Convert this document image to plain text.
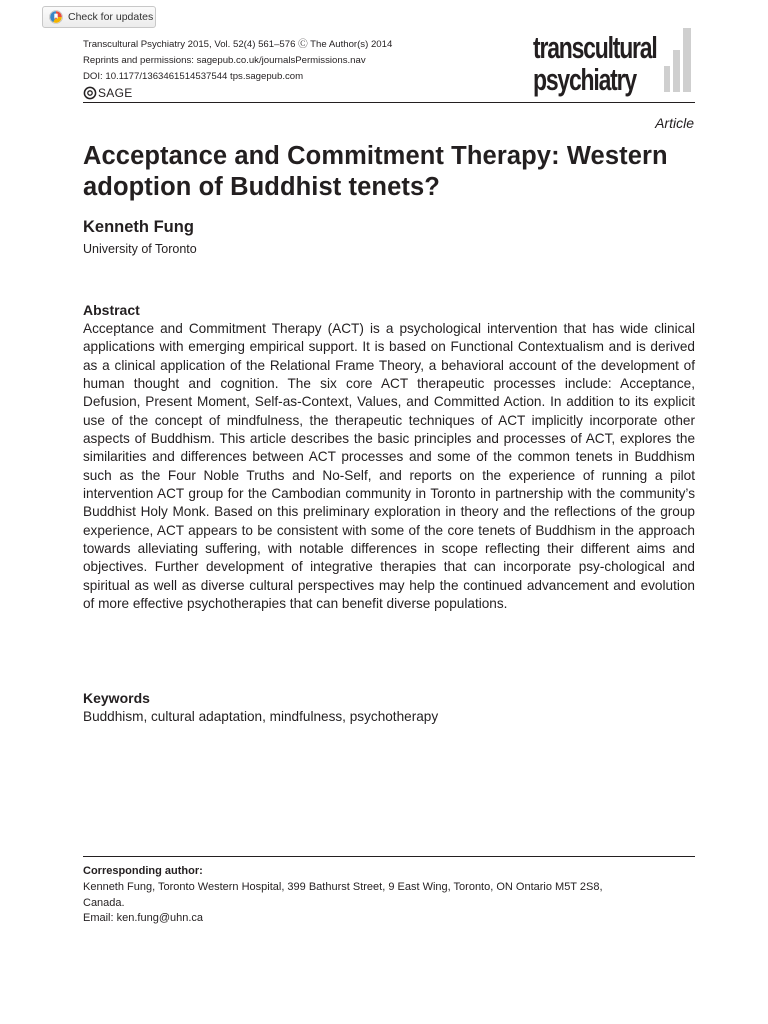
Check for updates
Transcultural Psychiatry 2015, Vol. 52(4) 561–576 Ⓒ The Author(s) 2014
Reprints and permissions: sagepub.co.uk/journalsPermissions.nav
DOI: 10.1177/1363461514537544 tps.sagepub.com
SAGE
transcultural
psychiatry
Article
Acceptance and Commitment Therapy: Western adoption of Buddhist tenets?
Kenneth Fung
University of Toronto
Abstract

Acceptance and Commitment Therapy (ACT) is a psychological intervention that has wide clinical applications with emerging empirical support. It is based on Functional Contextualism and is derived as a clinical application of the Relational Frame Theory, a behavioral account of the development of human thought and cognition. The six core ACT therapeutic processes include: Acceptance, Defusion, Present Moment, Self-as-Context, Values, and Committed Action. In addition to its explicit use of the concept of mindfulness, the therapeutic techniques of ACT implicitly incorporate other aspects of Buddhism. This article describes the basic principles and processes of ACT, explores the similarities and differences between ACT processes and some of the common tenets in Buddhism such as the Four Noble Truths and No-Self, and reports on the experience of running a pilot intervention ACT group for the Cambodian community in Toronto in partnership with the community’s Buddhist Holy Monk. Based on this preliminary exploration in theory and the reflections of the group experience, ACT appears to be consistent with some of the core tenets of Buddhism in the approach towards alleviating suffering, with notable differences in scope reflecting their different aims and objectives. Further development of integrative therapies that can incorporate psy-chological and spiritual as well as diverse cultural perspectives may help the continued advancement and evolution of more effective psychotherapies that can benefit diverse populations.

Keywords
Buddhism, cultural adaptation, mindfulness, psychotherapy
Corresponding author:
Kenneth Fung, Toronto Western Hospital, 399 Bathurst Street, 9 East Wing, Toronto, ON Ontario M5T 2S8,
Canada.
Email: ken.fung@uhn.ca
